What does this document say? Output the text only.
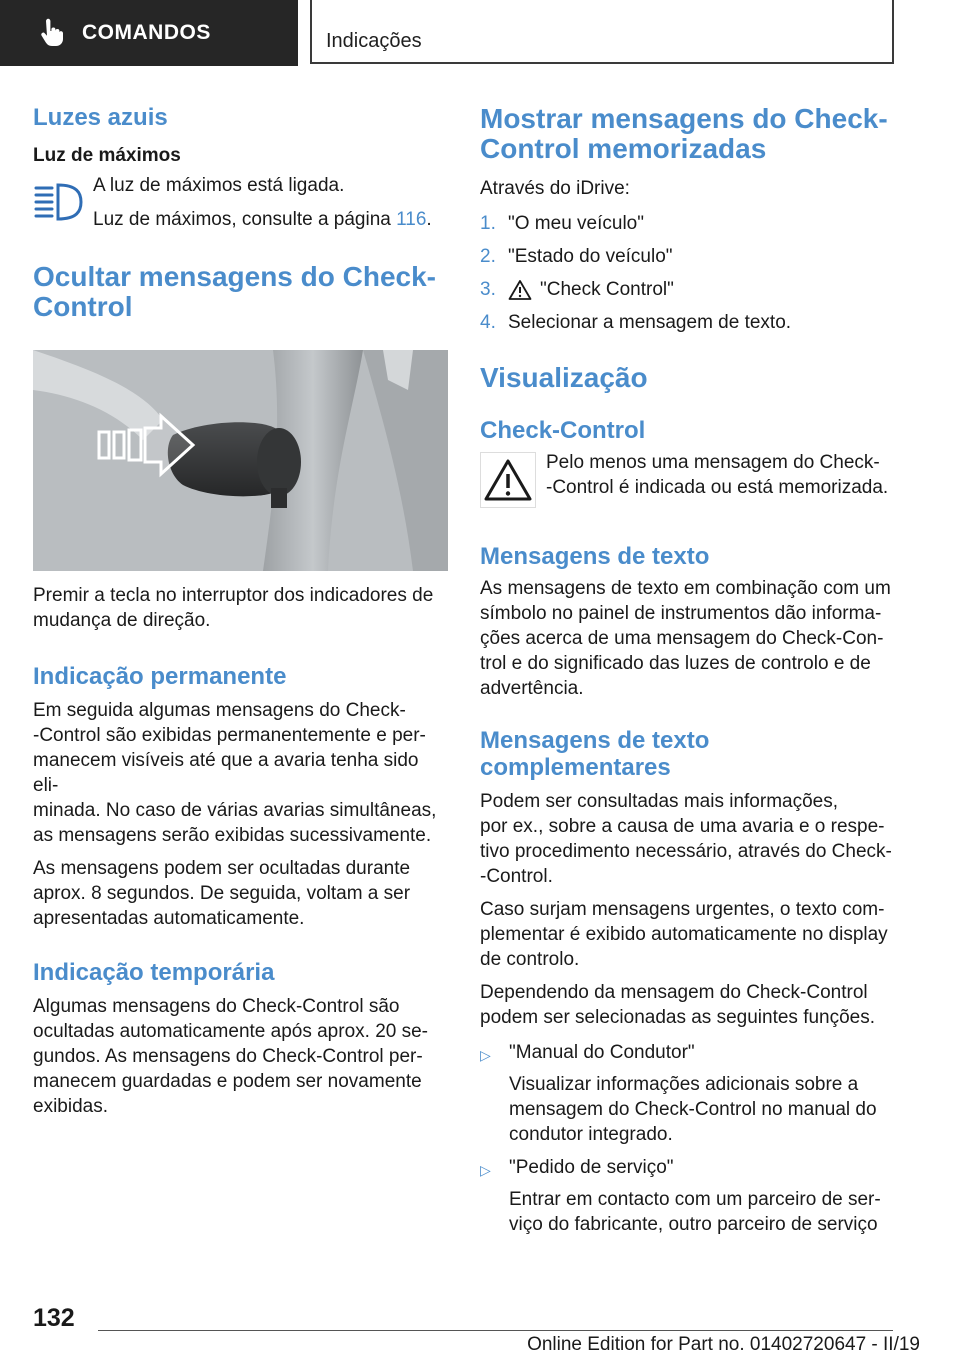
COMANDOS	Indicações
Luzes azuis
Luz de máximos

A luz de máximos está ligada.

Luz de máximos, consulte a página 116.

Ocultar mensagens do Check-
Control

Premir a tecla no interruptor dos indicadores de
mudança de direção.

Indicação permanente

Em seguida algumas mensagens do Check-
-Control são exibidas permanentemente e per-
manecem visíveis até que a avaria tenha sido eli-
minada. No caso de várias avarias simultâneas,
as mensagens serão exibidas sucessivamente.

As mensagens podem ser ocultadas durante
aprox. 8 segundos. De seguida, voltam a ser
apresentadas automaticamente.

Indicação temporária

Algumas mensagens do Check-Control são
ocultadas automaticamente após aprox. 20 se-
gundos. As mensagens do Check-Control per-
manecem guardadas e podem ser novamente
exibidas.

Mostrar mensagens do Check-
Control memorizadas

Através do iDrive:

1. "O meu veículo"
2. "Estado do veículo"
3.	"Check Control"
4. Selecionar a mensagem de texto.
Visualização
Check-Control

Pelo menos uma mensagem do Check-
-Control é indicada ou está memorizada.

Mensagens de texto

As mensagens de texto em combinação com um
símbolo no painel de instrumentos dão informa-
ções acerca de uma mensagem do Check-Con-
trol e do significado das luzes de controlo e de
advertência.

Mensagens de texto
complementares

Podem ser consultadas mais informações,
por ex., sobre a causa de uma avaria e o respe-
tivo procedimento necessário, através do Check-
-Control.

Caso surjam mensagens urgentes, o texto com-
plementar é exibido automaticamente no display
de controlo.

Dependendo da mensagem do Check-Control
podem ser selecionadas as seguintes funções.

▷ "Manual do Condutor"

Visualizar informações adicionais sobre a
mensagem do Check-Control no manual do
condutor integrado.

▷ "Pedido de serviço"

Entrar em contacto com um parceiro de ser-
viço do fabricante, outro parceiro de serviço

132
Online Edition for Part no. 01402720647 - II/19
